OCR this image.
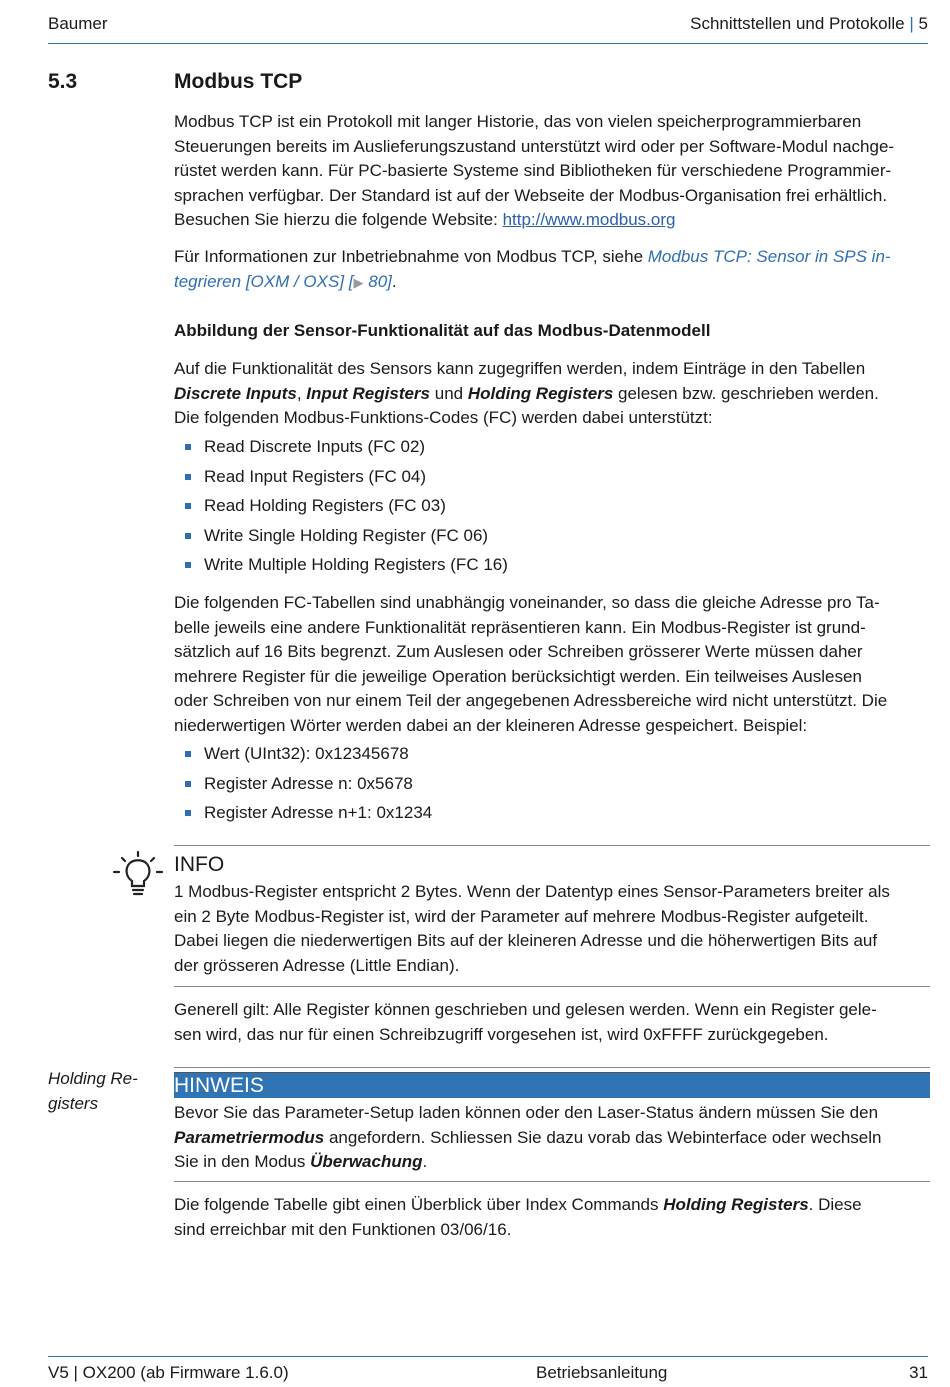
Baumer	Schnittstellen und Protokolle | 5
5.3	Modbus TCP
Modbus TCP ist ein Protokoll mit langer Historie, das von vielen speicherprogrammierbaren
Steuerungen bereits im Auslieferungszustand unterstützt wird oder per Software-Modul nachge-
rüstet werden kann. Für PC-basierte Systeme sind Bibliotheken für verschiedene Programmier-
sprachen verfügbar. Der Standard ist auf der Webseite der Modbus-Organisation frei erhältlich.
Besuchen Sie hierzu die folgende Website: http://www.modbus.org
Für Informationen zur Inbetriebnahme von Modbus TCP, siehe Modbus TCP: Sensor in SPS in-
tegrieren [OXM / OXS] [▶ 80].
Abbildung der Sensor-Funktionalität auf das Modbus-Datenmodell
Auf die Funktionalität des Sensors kann zugegriffen werden, indem Einträge in den Tabellen
Discrete Inputs, Input Registers und Holding Registers gelesen bzw. geschrieben werden.
Die folgenden Modbus-Funktions-Codes (FC) werden dabei unterstützt:
Read Discrete Inputs (FC 02)
Read Input Registers (FC 04)
Read Holding Registers (FC 03)
Write Single Holding Register (FC 06)
Write Multiple Holding Registers (FC 16)
Die folgenden FC-Tabellen sind unabhängig voneinander, so dass die gleiche Adresse pro Ta-
belle jeweils eine andere Funktionalität repräsentieren kann. Ein Modbus-Register ist grund-
sätzlich auf 16 Bits begrenzt. Zum Auslesen oder Schreiben grösserer Werte müssen daher
mehrere Register für die jeweilige Operation berücksichtigt werden. Ein teilweises Auslesen
oder Schreiben von nur einem Teil der angegebenen Adressbereiche wird nicht unterstützt. Die
niederwertigen Wörter werden dabei an der kleineren Adresse gespeichert. Beispiel:
Wert (UInt32): 0x12345678
Register Adresse n: 0x5678
Register Adresse n+1: 0x1234
INFO
1 Modbus-Register entspricht 2 Bytes. Wenn der Datentyp eines Sensor-Parameters breiter als
ein 2 Byte Modbus-Register ist, wird der Parameter auf mehrere Modbus-Register aufgeteilt.
Dabei liegen die niederwertigen Bits auf der kleineren Adresse und die höherwertigen Bits auf
der grösseren Adresse (Little Endian).
Generell gilt: Alle Register können geschrieben und gelesen werden. Wenn ein Register gele-
sen wird, das nur für einen Schreibzugriff vorgesehen ist, wird 0xFFFF zurückgegeben.
Holding Re-
gisters
HINWEIS
Bevor Sie das Parameter-Setup laden können oder den Laser-Status ändern müssen Sie den
Parametriermodus angefordern. Schliessen Sie dazu vorab das Webinterface oder wechseln
Sie in den Modus Überwachung.
Die folgende Tabelle gibt einen Überblick über Index Commands Holding Registers. Diese
sind erreichbar mit den Funktionen 03/06/16.
V5 | OX200 (ab Firmware 1.6.0)	Betriebsanleitung	31
